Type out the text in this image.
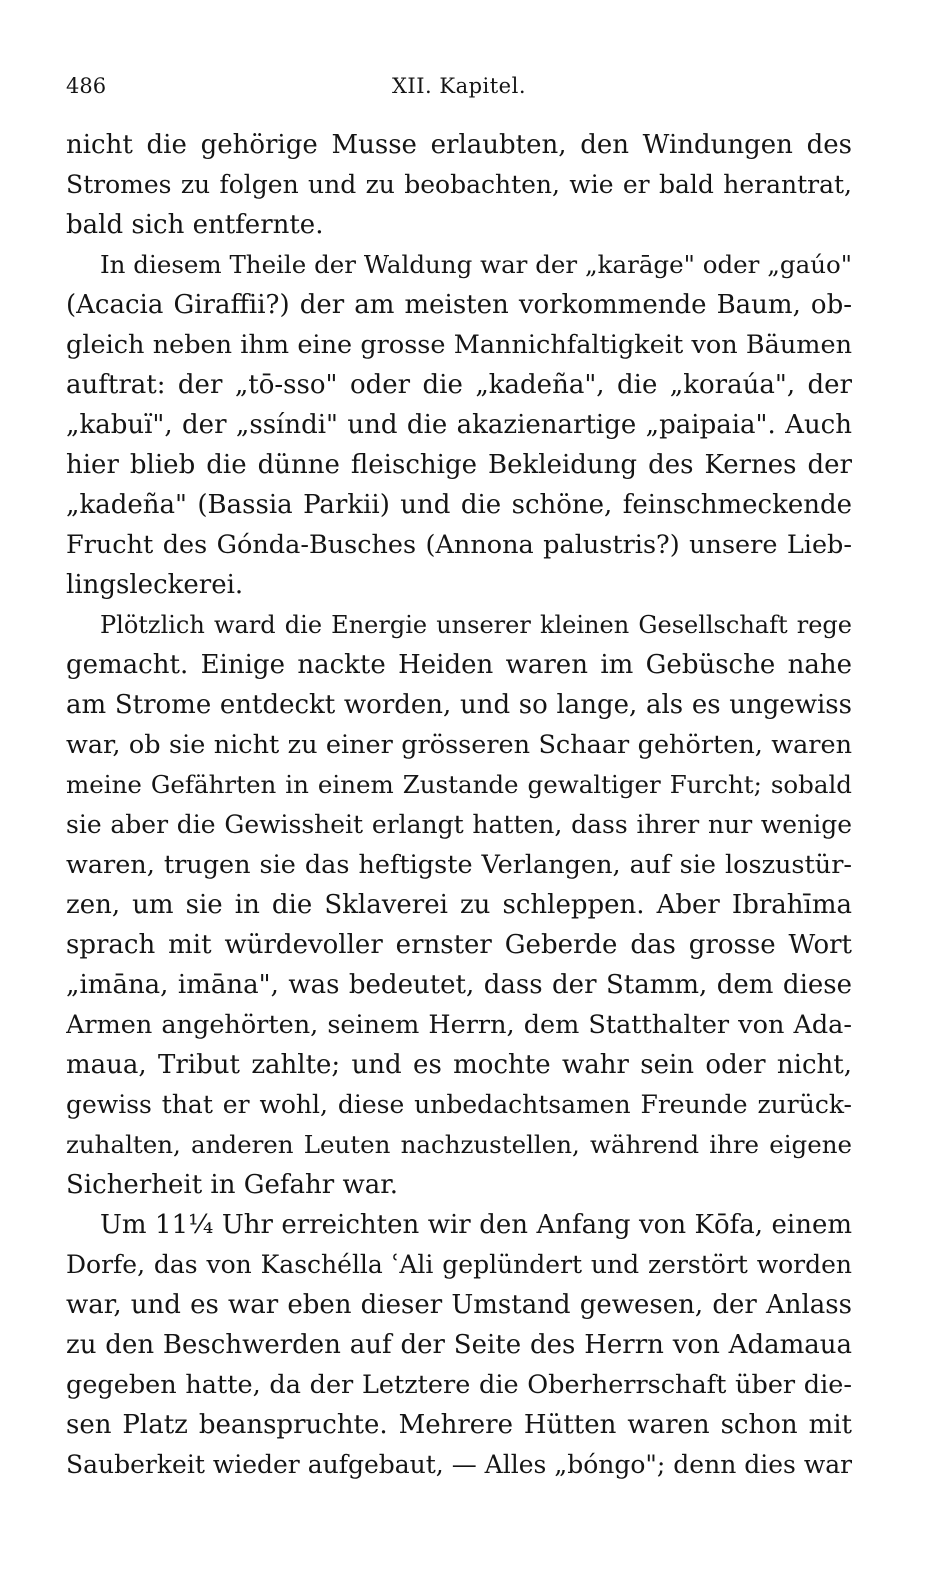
486	XII. Kapitel.
nicht die gehörige Musse erlaubten, den Windungen des
Stromes zu folgen und zu beobachten, wie er bald herantrat,
bald sich entfernte.
In diesem Theile der Waldung war der „karāge" oder „gaúo"
(Acacia Giraffii?) der am meisten vorkommende Baum, ob-
gleich neben ihm eine grosse Mannichfaltigkeit von Bäumen
auftrat: der „tō-sso" oder die „kadeña", die „koraúa", der
„kabuï", der „ssíndi" und die akazienartige „paipaia". Auch
hier blieb die dünne fleischige Bekleidung des Kernes der
„kadeña" (Bassia Parkii) und die schöne, feinschmeckende
Frucht des Gónda-Busches (Annona palustris?) unsere Lieb-
lingsleckerei.
Plötzlich ward die Energie unserer kleinen Gesellschaft rege
gemacht. Einige nackte Heiden waren im Gebüsche nahe
am Strome entdeckt worden, und so lange, als es ungewiss
war, ob sie nicht zu einer grösseren Schaar gehörten, waren
meine Gefährten in einem Zustande gewaltiger Furcht; sobald
sie aber die Gewissheit erlangt hatten, dass ihrer nur wenige
waren, trugen sie das heftigste Verlangen, auf sie loszustür-
zen, um sie in die Sklaverei zu schleppen. Aber Ibrahīma
sprach mit würdevoller ernster Geberde das grosse Wort
„imāna, imāna", was bedeutet, dass der Stamm, dem diese
Armen angehörten, seinem Herrn, dem Statthalter von Ada-
maua, Tribut zahlte; und es mochte wahr sein oder nicht,
gewiss that er wohl, diese unbedachtsamen Freunde zurück-
zuhalten, anderen Leuten nachzustellen, während ihre eigene
Sicherheit in Gefahr war.
Um 11¼ Uhr erreichten wir den Anfang von Kōfa, einem
Dorfe, das von Kaschélla ʿAli geplündert und zerstört worden
war, und es war eben dieser Umstand gewesen, der Anlass
zu den Beschwerden auf der Seite des Herrn von Adamaua
gegeben hatte, da der Letztere die Oberherrschaft über die-
sen Platz beanspruchte. Mehrere Hütten waren schon mit
Sauberkeit wieder aufgebaut, — Alles „bóngo"; denn dies war
